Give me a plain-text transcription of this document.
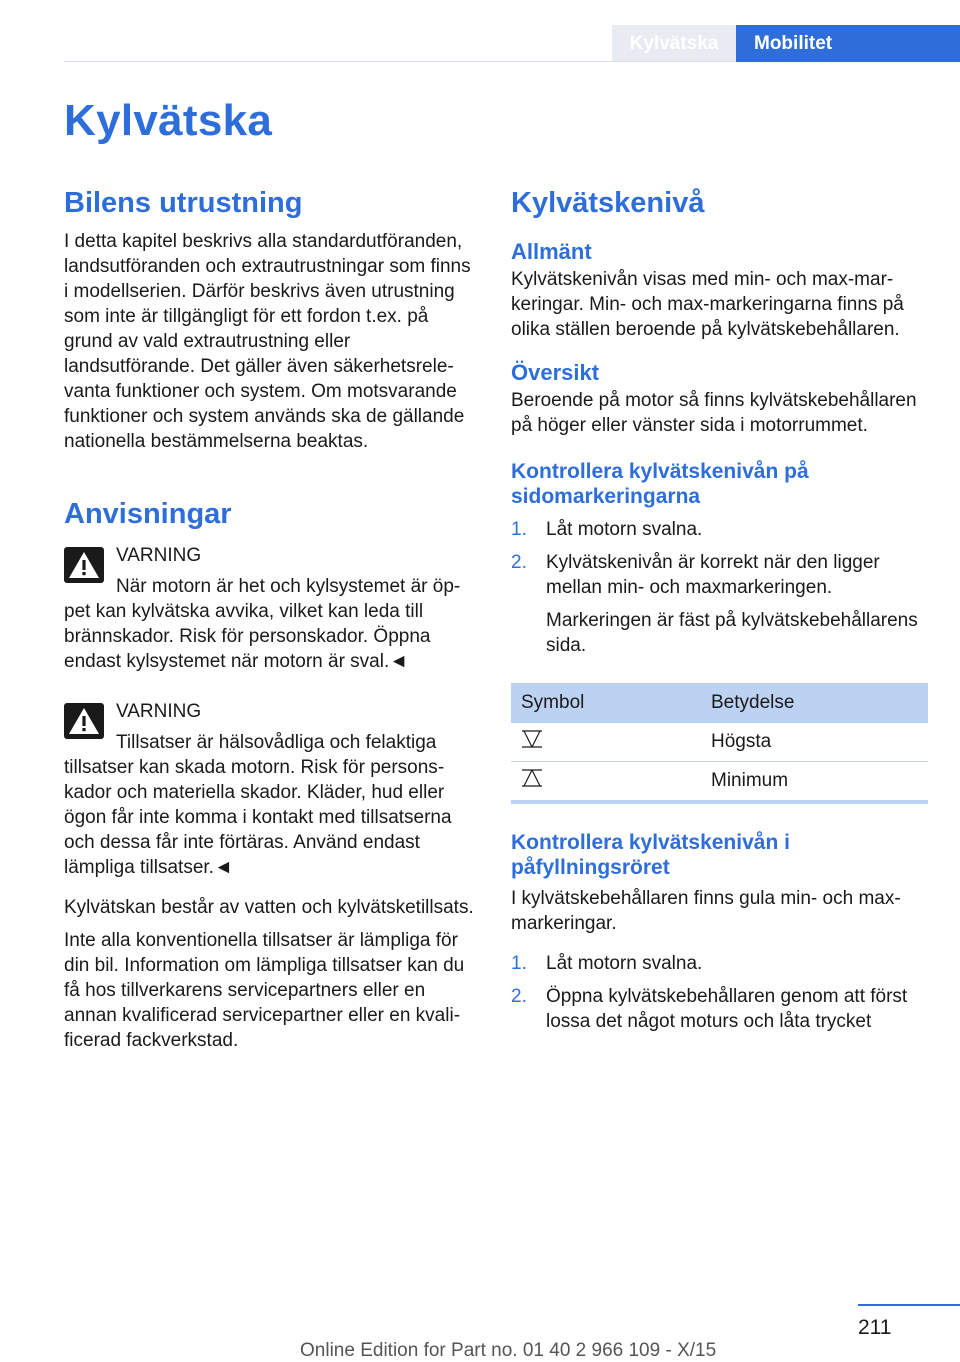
Kylvätska	Mobilitet
Kylvätska
Bilens utrustning

I detta kapitel beskrivs alla standardutföranden, landsutföranden och extrautrustningar som finns i modellserien. Därför beskrivs även utrustning som inte är tillgängligt för ett fordon t.ex. på grund av vald extrautrustning eller landsutförande. Det gäller även säkerhetsrelevanta funktioner och system. Om motsvarande funktioner och system används ska de gällande nationella bestämmelserna beaktas.

Anvisningar

VARNING

När motorn är het och kylsystemet är öppet kan kylvätska avvika, vilket kan leda till brännskador. Risk för personskador. Öppna endast kylsystemet när motorn är sval.◄

VARNING

Tillsatser är hälsovådliga och felaktiga tillsatser kan skada motorn. Risk för personskador och materiella skador. Kläder, hud eller ögon får inte komma i kontakt med tillsatserna och dessa får inte förtäras. Använd endast lämpliga tillsatser.◄

Kylvätskan består av vatten och kylvätsketillsats.

Inte alla konventionella tillsatser är lämpliga för din bil. Information om lämpliga tillsatser kan du få hos tillverkarens servicepartners eller en annan kvalificerad servicepartner eller en kvalificerad fackverkstad.

Kylvätskenivå
Allmänt

Kylvätskenivån visas med min- och max-markeringar. Min- och max-markeringarna finns på olika ställen beroende på kylvätskebehållaren.

Översikt

Beroende på motor så finns kylvätskebehållaren på höger eller vänster sida i motorrummet.

Kontrollera kylvätskenivån på sidomarkeringarna
1. Låt motorn svalna.
2. Kylvätskenivån är korrekt när den ligger mellan min- och maxmarkeringen.
Markeringen är fäst på kylvätskebehållarens sida.
Symbol	Betydelse
	Högsta
	Minimum
Kontrollera kylvätskenivån i påfyllningsröret

I kylvätskebehållaren finns gula min- och maxmarkeringar.

1. Låt motorn svalna.
2. Öppna kylvätskebehållaren genom att först lossa det något moturs och låta trycket
211
Online Edition for Part no. 01 40 2 966 109 - X/15
